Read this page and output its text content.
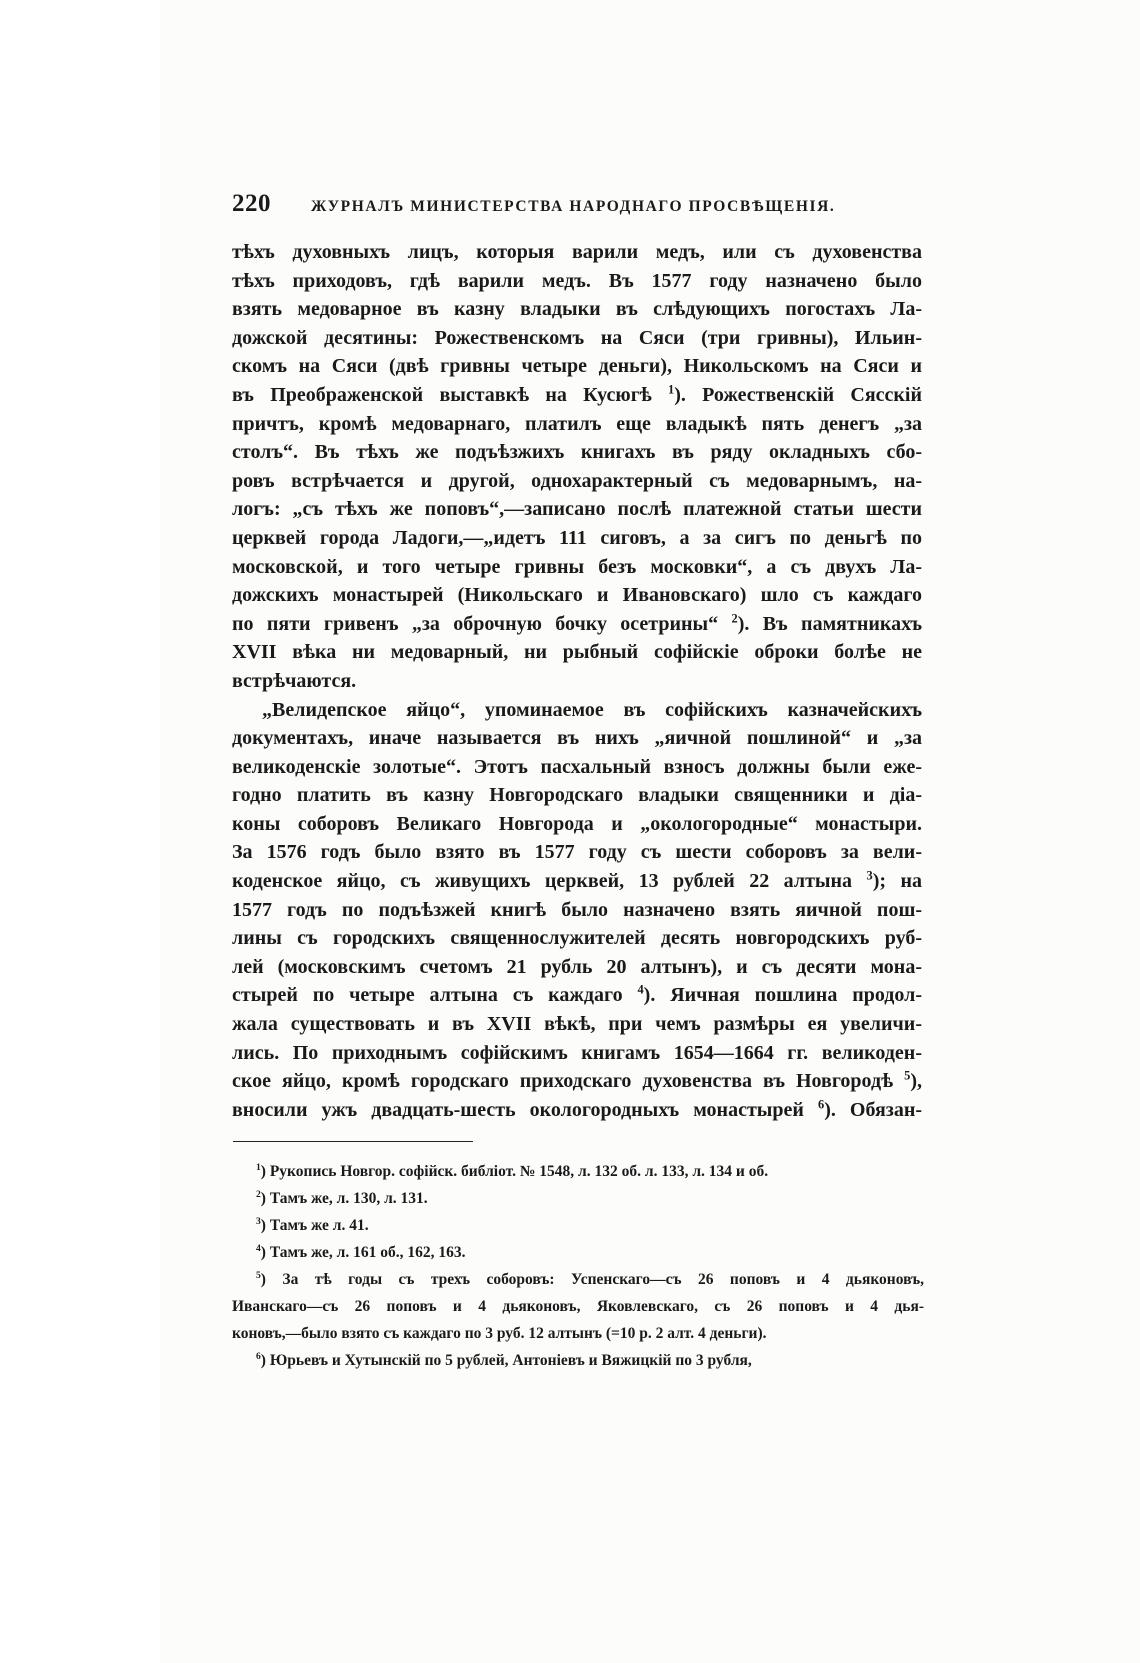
220	ЖУРНАЛЪ МИНИСТЕРСТВА НАРОДНАГО ПРОСВѢЩЕНІЯ.
тѣхъ духовныхъ лицъ, которыя варили медъ, или съ духовенства
тѣхъ приходовъ, гдѣ варили медъ. Въ 1577 году назначено было
взять медоварное въ казну владыки въ слѣдующихъ погостахъ Ла-
дожской десятины: Рожественскомъ на Сяси (три гривны), Ильин-
скомъ на Сяси (двѣ гривны четыре деньги), Никольскомъ на Сяси и
въ Преображенской выставкѣ на Кусюгѣ $^1$). Рожественскій Сясскій
причтъ, кромѣ медоварнаго, платилъ еще владыкѣ пять денегъ „за
столъ“. Въ тѣхъ же подъѣзжихъ книгахъ въ ряду окладныхъ сбо-
ровъ встрѣчается и другой, однохарактерный съ медоварнымъ, на-
логъ: „съ тѣхъ же поповъ“,—записано послѣ платежной статьи шести
церквей города Ладоги,—„идетъ 111 сиговъ, а за сигъ по деньгѣ по
московской, и того четыре гривны безъ московки“, а съ двухъ Ла-
дожскихъ монастырей (Никольскаго и Ивановскаго) шло съ каждаго
по пяти гривенъ „за оброчную бочку осетрины“ $^2$). Въ памятникахъ
XVII вѣка ни медоварный, ни рыбный софійскіе оброки болѣе не
встрѣчаются.
„Велидепское яйцо“, упоминаемое въ софійскихъ казначейскихъ
документахъ, иначе называется въ нихъ „яичной пошлиной“ и „за
великоденскіе золотые“. Этотъ пасхальный взносъ должны были еже-
годно платить въ казну Новгородскаго владыки священники и діа-
коны соборовъ Великаго Новгорода и „окологородные“ монастыри.
За 1576 годъ было взято въ 1577 году съ шести соборовъ за вели-
коденское яйцо, съ живущихъ церквей, 13 рублей 22 алтына $^3$); на
1577 годъ по подъѣзжей книгѣ было назначено взять яичной пош-
лины съ городскихъ священнослужителей десять новгородскихъ руб-
лей (московскимъ счетомъ 21 рубль 20 алтынъ), и съ десяти мона-
стырей по четыре алтына съ каждаго $^4$). Яичная пошлина продол-
жала существовать и въ XVII вѣкѣ, при чемъ размѣры ея увеличи-
лись. По приходнымъ софійскимъ книгамъ 1654—1664 гг. великоден-
ское яйцо, кромѣ городскаго приходскаго духовенства въ Новгородѣ $^5$),
вносили ужъ двадцать-шесть окологородныхъ монастырей $^6$). Обязан-
$^1$) Рукопись Новгор. софійск. библіот. № 1548, л. 132 об. л. 133, л. 134 и об.
$^2$) Тамъ же, л. 130, л. 131.
$^3$) Тамъ же л. 41.
$^4$) Тамъ же, л. 161 об., 162, 163.
$^5$) За тѣ годы съ трехъ соборовъ: Успенскаго—съ 26 поповъ и 4 дьяконовъ,
Иванскаго—съ 26 поповъ и 4 дьяконовъ, Яковлевскаго, съ 26 поповъ и 4 дья-
коновъ,—было взято съ каждаго по 3 руб. 12 алтынъ (=10 р. 2 алт. 4 деньги).
$^6$) Юрьевъ и Хутынскій по 5 рублей, Антоніевъ и Вяжицкій по 3 рубля,
